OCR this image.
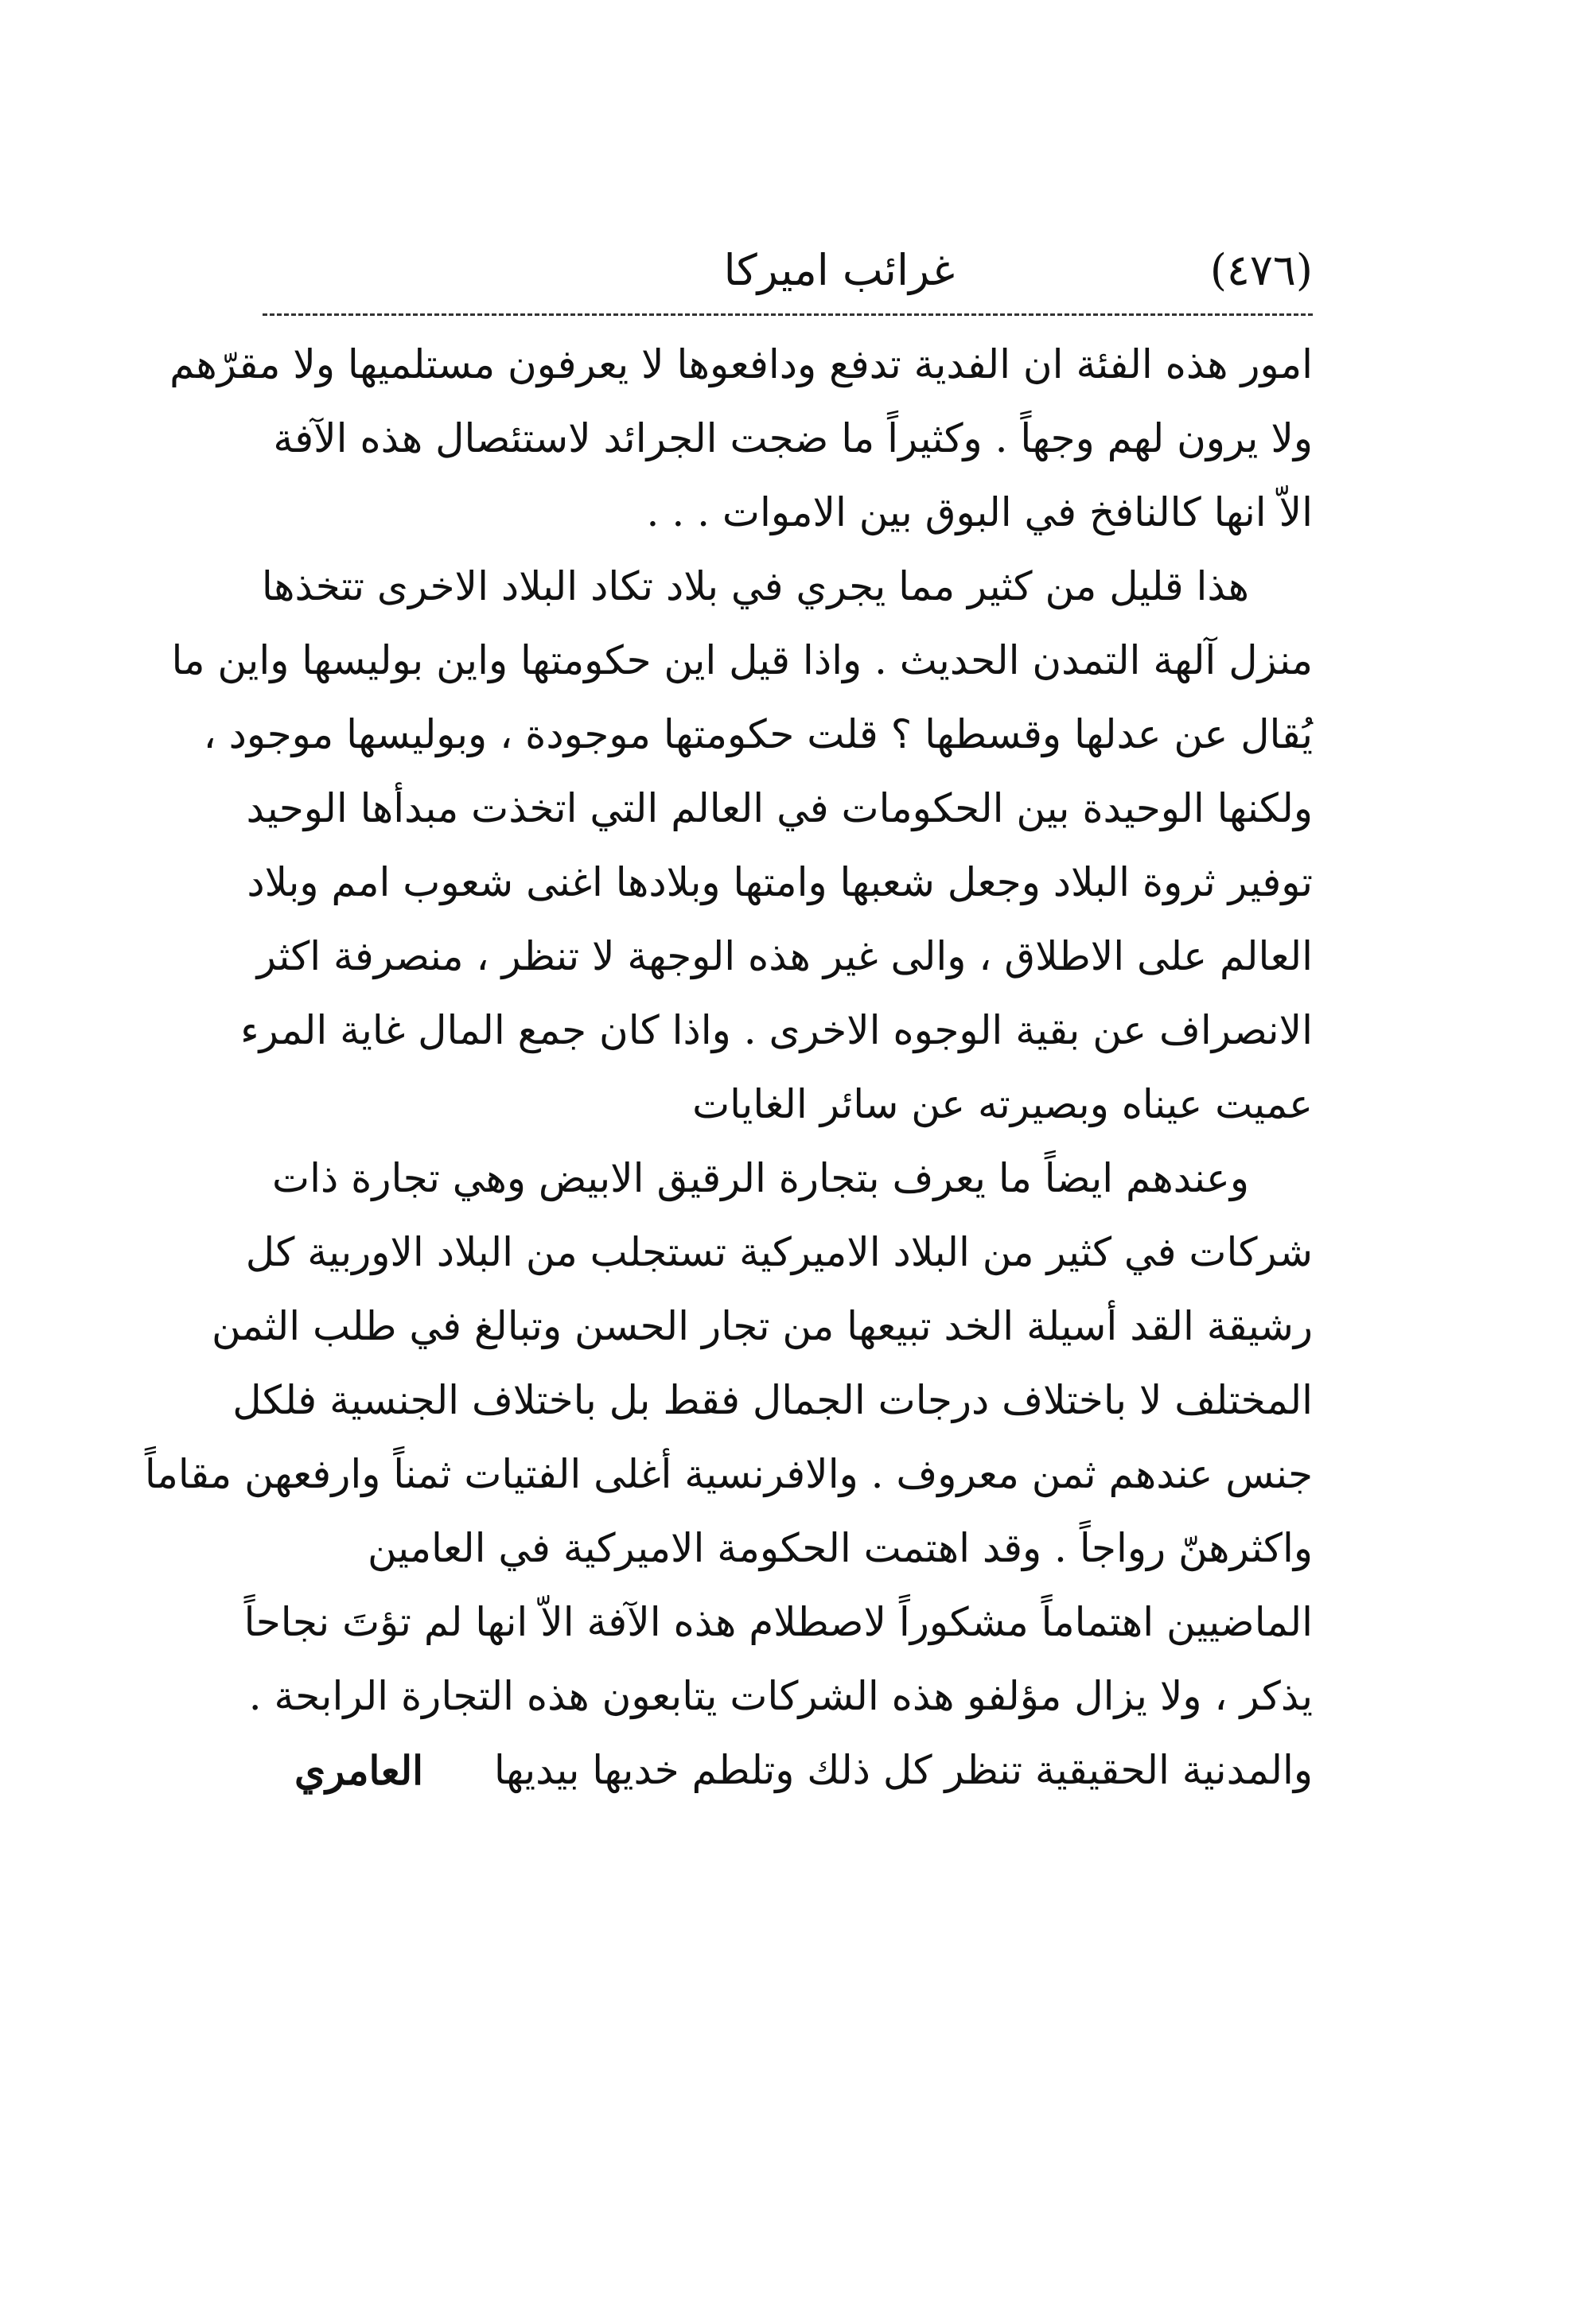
(٤٧٦)
غرائب اميركا
امور هذه الفئة ان الفدية تدفع ودافعوها لا يعرفون مستلميها ولا مقرّهم
ولا يرون لهم وجهاً . وكثيراً ما ضجت الجرائد لاستئصال هذه الآفة
الاّ انها كالنافخ في البوق بين الاموات . . .
هذا قليل من كثير مما يجري في بلاد تكاد البلاد الاخرى تتخذها
منزل آلهة التمدن الحديث . واذا قيل اين حكومتها واين بوليسها واين ما
يُقال عن عدلها وقسطها ؟ قلت حكومتها موجودة ، وبوليسها موجود ،
ولكنها الوحيدة بين الحكومات في العالم التي اتخذت مبدأها الوحيد
توفير ثروة البلاد وجعل شعبها وامتها وبلادها اغنى شعوب امم وبلاد
العالم على الاطلاق ، والى غير هذه الوجهة لا تنظر ، منصرفة اكثر
الانصراف عن بقية الوجوه الاخرى . واذا كان جمع المال غاية المرء
عميت عيناه وبصيرته عن سائر الغايات
وعندهم ايضاً ما يعرف بتجارة الرقيق الابيض وهي تجارة ذات
شركات في كثير من البلاد الاميركية تستجلب من البلاد الاوربية كل
رشيقة القد أسيلة الخد تبيعها من تجار الحسن وتبالغ في طلب الثمن
المختلف لا باختلاف درجات الجمال فقط بل باختلاف الجنسية فلكل
جنس عندهم ثمن معروف . والافرنسية أغلى الفتيات ثمناً وارفعهن مقاماً
واكثرهنّ رواجاً . وقد اهتمت الحكومة الاميركية في العامين
الماضيين اهتماماً مشكوراً لاصطلام هذه الآفة الاّ انها لم تؤتَ نجاحاً
يذكر ، ولا يزال مؤلفو هذه الشركات يتابعون هذه التجارة الرابحة .
والمدنية الحقيقية تنظر كل ذلك وتلطم خديها بيديها
العامري
